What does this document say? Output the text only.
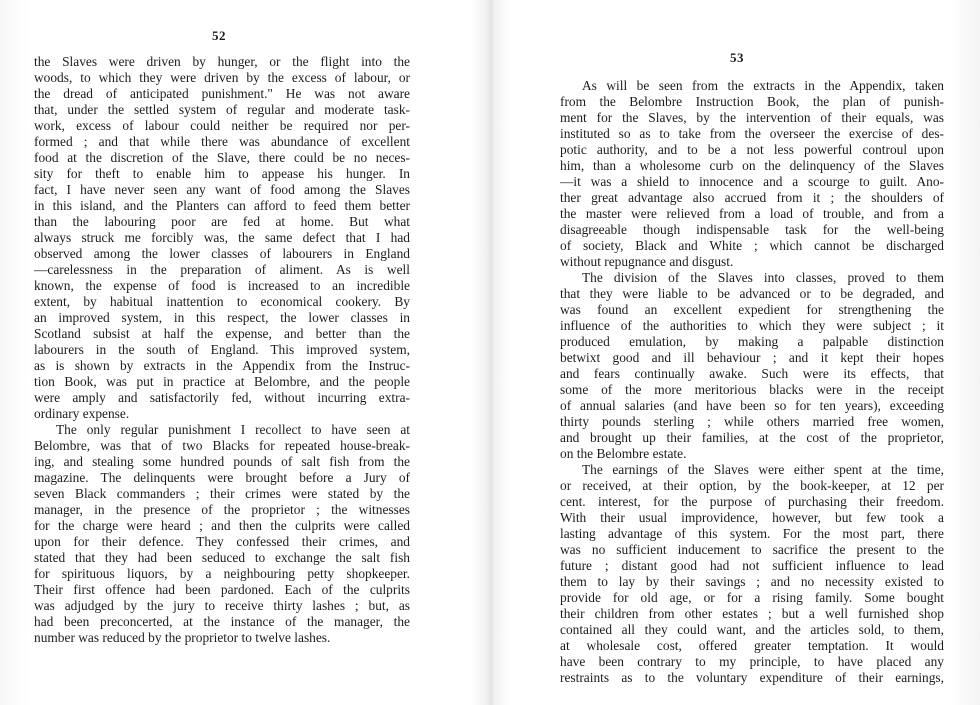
52
the Slaves were driven by hunger, or the flight into the
woods, to which they were driven by the excess of labour, or
the dread of anticipated punishment." He was not aware
that, under the settled system of regular and moderate task-
work, excess of labour could neither be required nor per-
formed ; and that while there was abundance of excellent
food at the discretion of the Slave, there could be no neces-
sity for theft to enable him to appease his hunger. In
fact, I have never seen any want of food among the Slaves
in this island, and the Planters can afford to feed them better
than the labouring poor are fed at home. But what
always struck me forcibly was, the same defect that I had
observed among the lower classes of labourers in England
—carelessness in the preparation of aliment. As is well
known, the expense of food is increased to an incredible
extent, by habitual inattention to economical cookery. By
an improved system, in this respect, the lower classes in
Scotland subsist at half the expense, and better than the
labourers in the south of England. This improved system,
as is shown by extracts in the Appendix from the Instruc-
tion Book, was put in practice at Belombre, and the people
were amply and satisfactorily fed, without incurring extra-
ordinary expense.
The only regular punishment I recollect to have seen at
Belombre, was that of two Blacks for repeated house-break-
ing, and stealing some hundred pounds of salt fish from the
magazine. The delinquents were brought before a Jury of
seven Black commanders ; their crimes were stated by the
manager, in the presence of the proprietor ; the witnesses
for the charge were heard ; and then the culprits were called
upon for their defence. They confessed their crimes, and
stated that they had been seduced to exchange the salt fish
for spirituous liquors, by a neighbouring petty shopkeeper.
Their first offence had been pardoned. Each of the culprits
was adjudged by the jury to receive thirty lashes ; but, as
had been preconcerted, at the instance of the manager, the
number was reduced by the proprietor to twelve lashes.
53
As will be seen from the extracts in the Appendix, taken
from the Belombre Instruction Book, the plan of punish-
ment for the Slaves, by the intervention of their equals, was
instituted so as to take from the overseer the exercise of des-
potic authority, and to be a not less powerful controul upon
him, than a wholesome curb on the delinquency of the Slaves
—it was a shield to innocence and a scourge to guilt. Ano-
ther great advantage also accrued from it ; the shoulders of
the master were relieved from a load of trouble, and from a
disagreeable though indispensable task for the well-being
of society, Black and White ; which cannot be discharged
without repugnance and disgust.
The division of the Slaves into classes, proved to them
that they were liable to be advanced or to be degraded, and
was found an excellent expedient for strengthening the
influence of the authorities to which they were subject ; it
produced emulation, by making a palpable distinction
betwixt good and ill behaviour ; and it kept their hopes
and fears continually awake. Such were its effects, that
some of the more meritorious blacks were in the receipt
of annual salaries (and have been so for ten years), exceeding
thirty pounds sterling ; while others married free women,
and brought up their families, at the cost of the proprietor,
on the Belombre estate.
The earnings of the Slaves were either spent at the time,
or received, at their option, by the book-keeper, at 12 per
cent. interest, for the purpose of purchasing their freedom.
With their usual improvidence, however, but few took a
lasting advantage of this system. For the most part, there
was no sufficient inducement to sacrifice the present to the
future ; distant good had not sufficient influence to lead
them to lay by their savings ; and no necessity existed to
provide for old age, or for a rising family. Some bought
their children from other estates ; but a well furnished shop
contained all they could want, and the articles sold, to them,
at wholesale cost, offered greater temptation. It would
have been contrary to my principle, to have placed any
restraints as to the voluntary expenditure of their earnings,
